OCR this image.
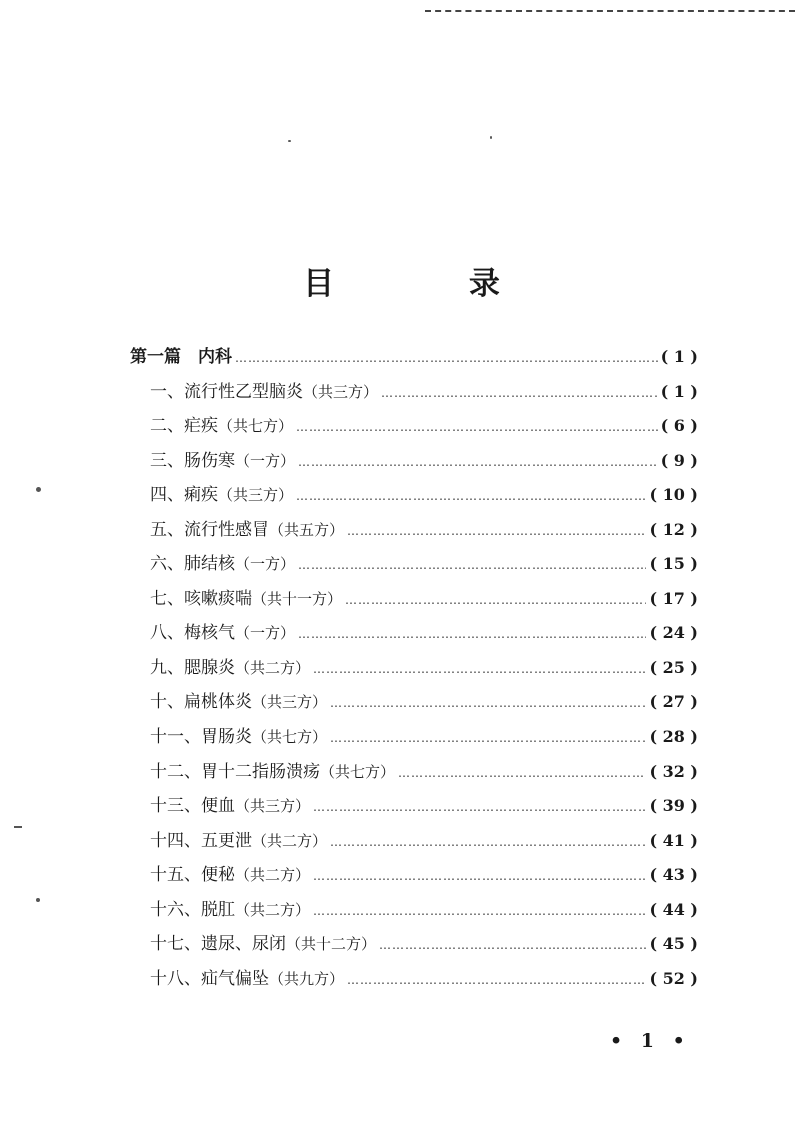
目 录
第一篇　内科 ……………………………………………………………………………………………………………………	( 1 )
一、流行性乙型脑炎 （共三方） ……………………………………………………………………………………………………………………	( 1 )
二、疟疾 （共七方） ……………………………………………………………………………………………………………………	( 6 )
三、肠伤寒 （一方） ……………………………………………………………………………………………………………………	( 9 )
四、痢疾 （共三方） ……………………………………………………………………………………………………………………	( 10 )
五、流行性感冒 （共五方） ……………………………………………………………………………………………………………………	( 12 )
六、肺结核 （一方） ……………………………………………………………………………………………………………………	( 15 )
七、咳嗽痰喘 （共十一方） ……………………………………………………………………………………………………………………	( 17 )
八、梅核气 （一方） ……………………………………………………………………………………………………………………	( 24 )
九、腮腺炎 （共二方） ……………………………………………………………………………………………………………………	( 25 )
十、扁桃体炎 （共三方） ……………………………………………………………………………………………………………………	( 27 )
十一、胃肠炎 （共七方） ……………………………………………………………………………………………………………………	( 28 )
十二、胃十二指肠溃疡 （共七方） ……………………………………………………………………………………………………………………	( 32 )
十三、便血 （共三方） ……………………………………………………………………………………………………………………	( 39 )
十四、五更泄 （共二方） ……………………………………………………………………………………………………………………	( 41 )
十五、便秘 （共二方） ……………………………………………………………………………………………………………………	( 43 )
十六、脱肛 （共二方） ……………………………………………………………………………………………………………………	( 44 )
十七、遗尿、尿闭 （共十二方） ……………………………………………………………………………………………………………………	( 45 )
十八、疝气偏坠 （共九方） ……………………………………………………………………………………………………………………	( 52 )
• 1 •
